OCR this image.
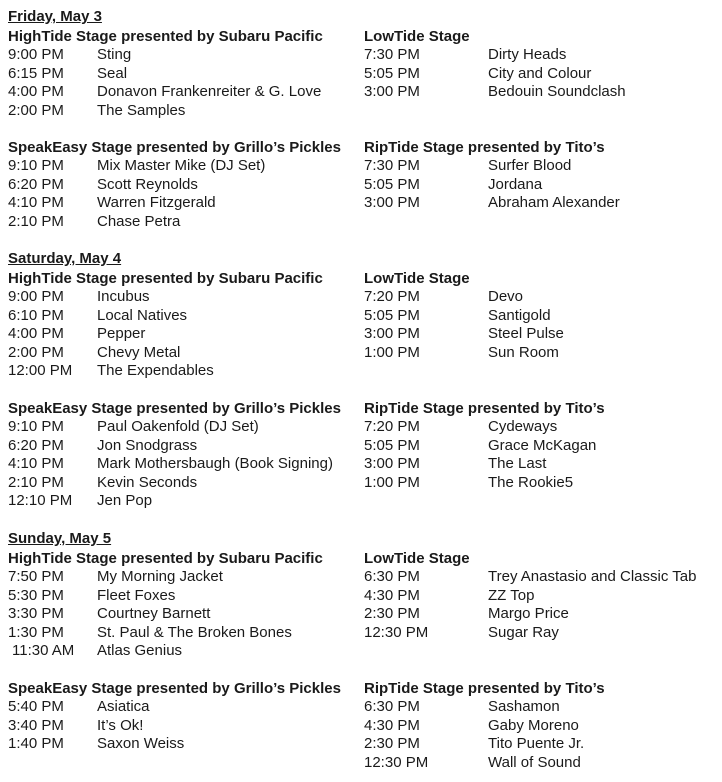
Friday, May 3
HighTide Stage presented by Subaru Pacific
9:00 PM Sting
6:15 PM Seal
4:00 PM Donavon Frankenreiter & G. Love
2:00 PM The Samples
LowTide Stage
7:30 PM	Dirty Heads
5:05 PM	City and Colour
3:00 PM	Bedouin Soundclash
SpeakEasy Stage presented by Grillo’s Pickles
9:10 PM Mix Master Mike (DJ Set)
6:20 PM Scott Reynolds
4:10 PM Warren Fitzgerald
2:10 PM Chase Petra
RipTide Stage presented by Tito’s
7:30 PM	Surfer Blood
5:05 PM	Jordana
3:00 PM	Abraham Alexander
Saturday, May 4
HighTide Stage presented by Subaru Pacific
9:00 PM Incubus
6:10 PM Local Natives
4:00 PM Pepper
2:00 PM Chevy Metal
12:00 PM The Expendables
LowTide Stage
7:20 PM	Devo
5:05 PM	Santigold
3:00 PM	Steel Pulse
1:00 PM	Sun Room
SpeakEasy Stage presented by Grillo’s Pickles
9:10 PM Paul Oakenfold (DJ Set)
6:20 PM Jon Snodgrass
4:10 PM Mark Mothersbaugh (Book Signing)
2:10 PM Kevin Seconds
12:10 PM Jen Pop
RipTide Stage presented by Tito’s
7:20 PM	Cydeways
5:05 PM	Grace McKagan
3:00 PM	The Last
1:00 PM	The Rookie5
Sunday, May 5
HighTide Stage presented by Subaru Pacific
7:50 PM My Morning Jacket
5:30 PM Fleet Foxes
3:30 PM Courtney Barnett
1:30 PM St. Paul & The Broken Bones
11:30 AM Atlas Genius
LowTide Stage
6:30 PM	Trey Anastasio and Classic Tab
4:30 PM	ZZ Top
2:30 PM	Margo Price
12:30 PM	Sugar Ray
SpeakEasy Stage presented by Grillo’s Pickles
5:40 PM Asiatica
3:40 PM It’s Ok!
1:40 PM Saxon Weiss
RipTide Stage presented by Tito’s
6:30 PM	Sashamon
4:30 PM	Gaby Moreno
2:30 PM	Tito Puente Jr.
12:30 PM	Wall of Sound
